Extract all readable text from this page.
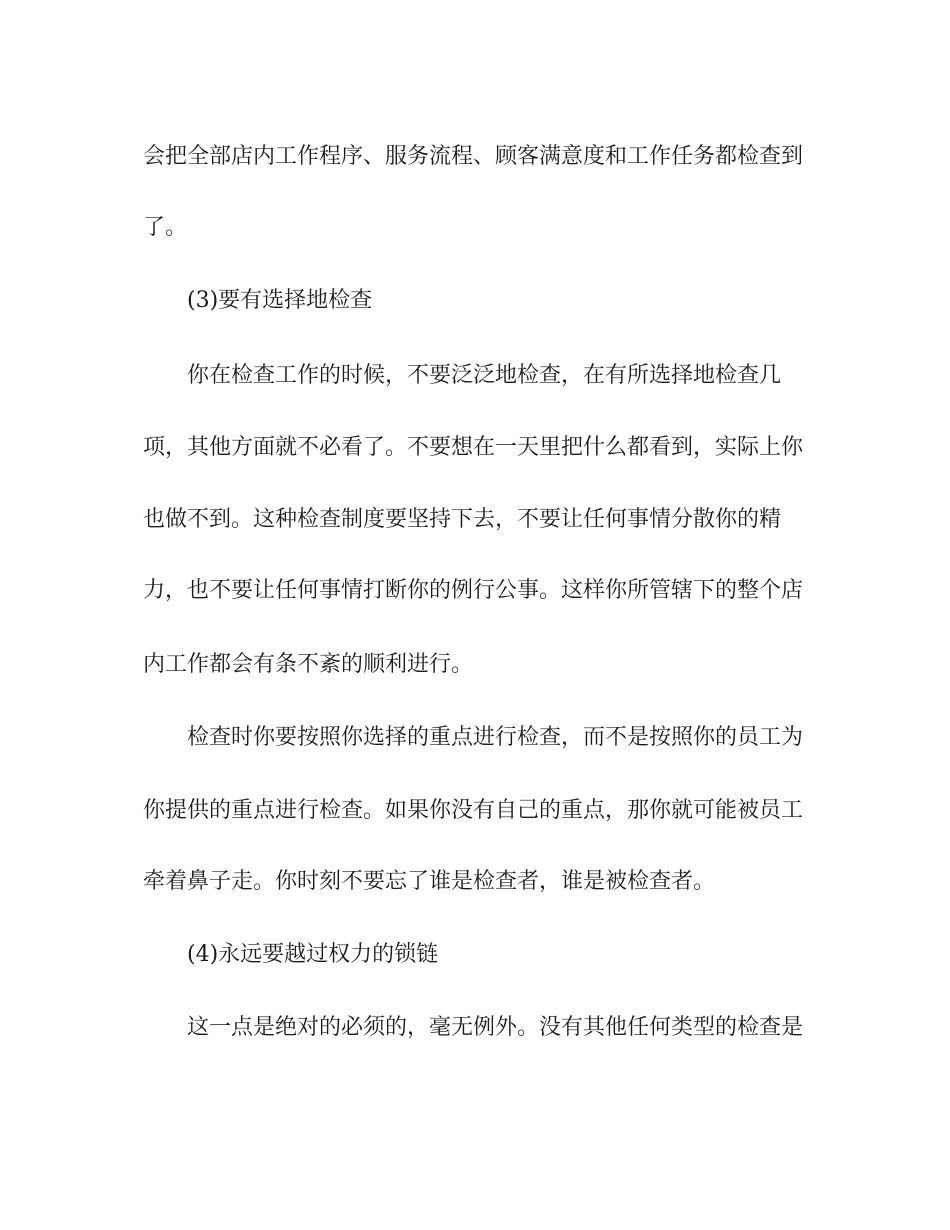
会把全部店内工作程序、服务流程、顾客满意度和工作任务都检查到

了。

(3)要有选择地检查

你在检查工作的时候，不要泛泛地检查，在有所选择地检查几

项，其他方面就不必看了。不要想在一天里把什么都看到，实际上你

也做不到。这种检查制度要坚持下去，不要让任何事情分散你的精

力，也不要让任何事情打断你的例行公事。这样你所管辖下的整个店

内工作都会有条不紊的顺利进行。

检查时你要按照你选择的重点进行检查，而不是按照你的员工为

你提供的重点进行检查。如果你没有自己的重点，那你就可能被员工

牵着鼻子走。你时刻不要忘了谁是检查者，谁是被检查者。

(4)永远要越过权力的锁链

这一点是绝对的必须的，毫无例外。没有其他任何类型的检查是
